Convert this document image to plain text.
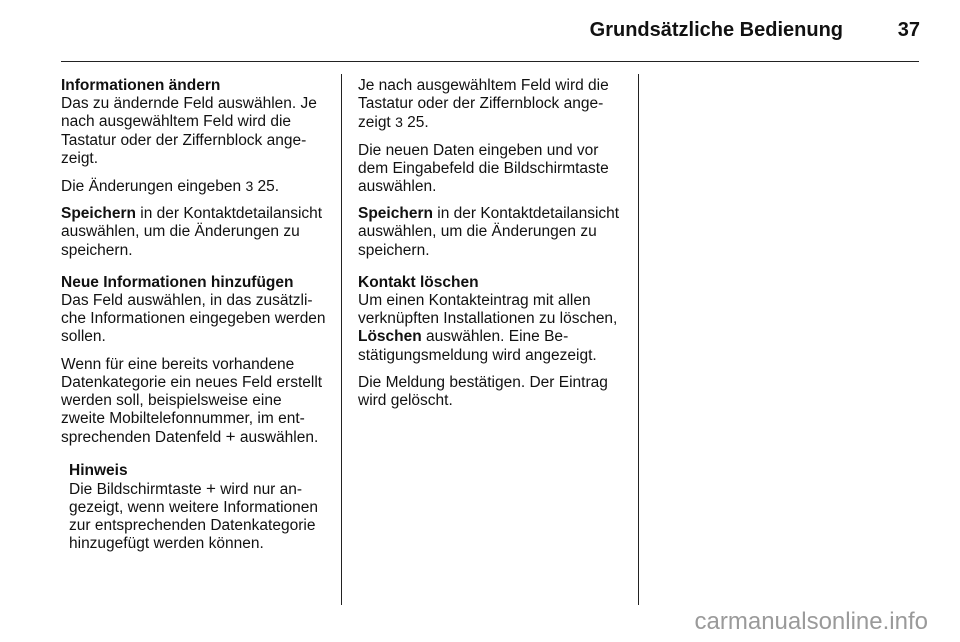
Grundsätzliche Bedienung	37
Informationen ändern

Das zu ändernde Feld auswählen. Je nach ausgewähltem Feld wird die Tastatur oder der Ziffernblock angezeigt.

Die Änderungen eingeben 3 25.

Speichern in der Kontaktdetailansicht auswählen, um die Änderungen zu speichern.

Neue Informationen hinzufügen

Das Feld auswählen, in das zusätzliche Informationen eingegeben werden sollen.

Wenn für eine bereits vorhandene Datenkategorie ein neues Feld erstellt werden soll, beispielsweise eine zweite Mobiltelefonnummer, im entsprechenden Datenfeld + auswählen.

Hinweis
Die Bildschirmtaste + wird nur angezeigt, wenn weitere Informationen zur entsprechenden Datenkategorie hinzugefügt werden können.

Je nach ausgewähltem Feld wird die Tastatur oder der Ziffernblock angezeigt 3 25.

Die neuen Daten eingeben und vor dem Eingabefeld die Bildschirmtaste auswählen.

Speichern in der Kontaktdetailansicht auswählen, um die Änderungen zu speichern.

Kontakt löschen

Um einen Kontakteintrag mit allen verknüpften Installationen zu löschen, Löschen auswählen. Eine Bestätigungsmeldung wird angezeigt.

Die Meldung bestätigen. Der Eintrag wird gelöscht.

carmanualsonline.info
